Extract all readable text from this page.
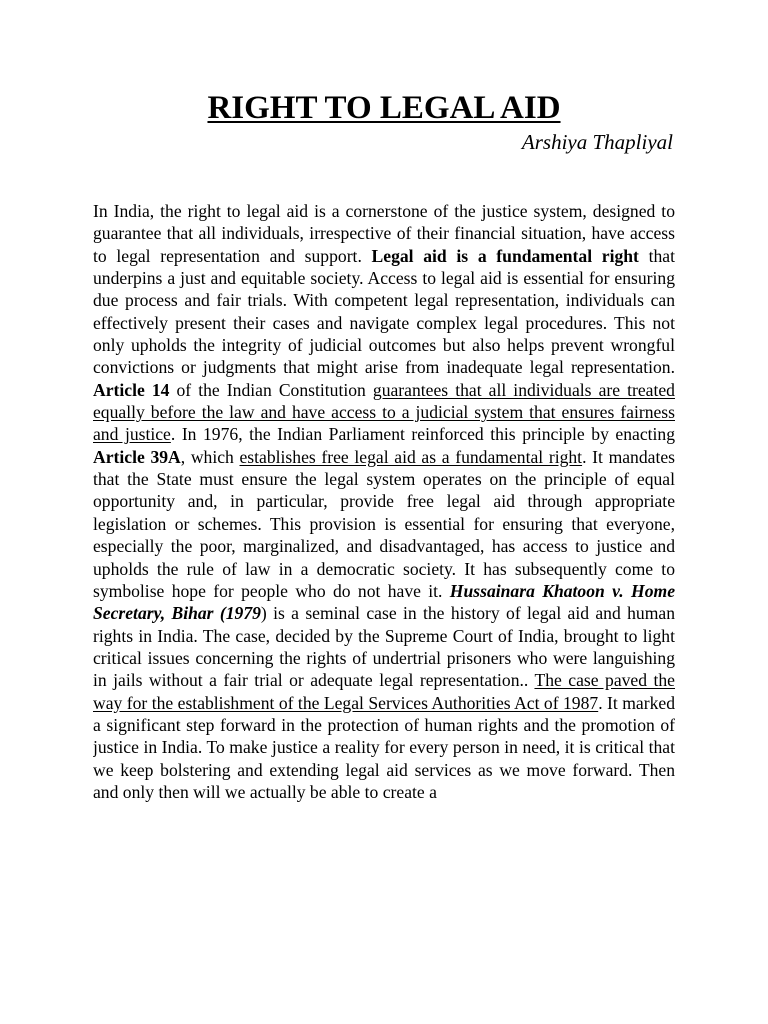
RIGHT TO LEGAL AID

Arshiya Thapliyal

In India, the right to legal aid is a cornerstone of the justice system, designed to guarantee that all individuals, irrespective of their financial situation, have access to legal representation and support. Legal aid is a fundamental right that underpins a just and equitable society. Access to legal aid is essential for ensuring due process and fair trials. With competent legal representation, individuals can effectively present their cases and navigate complex legal procedures. This not only upholds the integrity of judicial outcomes but also helps prevent wrongful convictions or judgments that might arise from inadequate legal representation. Article 14 of the Indian Constitution guarantees that all individuals are treated equally before the law and have access to a judicial system that ensures fairness and justice. In 1976, the Indian Parliament reinforced this principle by enacting Article 39A, which establishes free legal aid as a fundamental right. It mandates that the State must ensure the legal system operates on the principle of equal opportunity and, in particular, provide free legal aid through appropriate legislation or schemes. This provision is essential for ensuring that everyone, especially the poor, marginalized, and disadvantaged, has access to justice and upholds the rule of law in a democratic society. It has subsequently come to symbolise hope for people who do not have it. Hussainara Khatoon v. Home Secretary, Bihar (1979) is a seminal case in the history of legal aid and human rights in India. The case, decided by the Supreme Court of India, brought to light critical issues concerning the rights of undertrial prisoners who were languishing in jails without a fair trial or adequate legal representation.. The case paved the way for the establishment of the Legal Services Authorities Act of 1987. It marked a significant step forward in the protection of human rights and the promotion of justice in India. To make justice a reality for every person in need, it is critical that we keep bolstering and extending legal aid services as we move forward. Then and only then will we actually be able to create a
